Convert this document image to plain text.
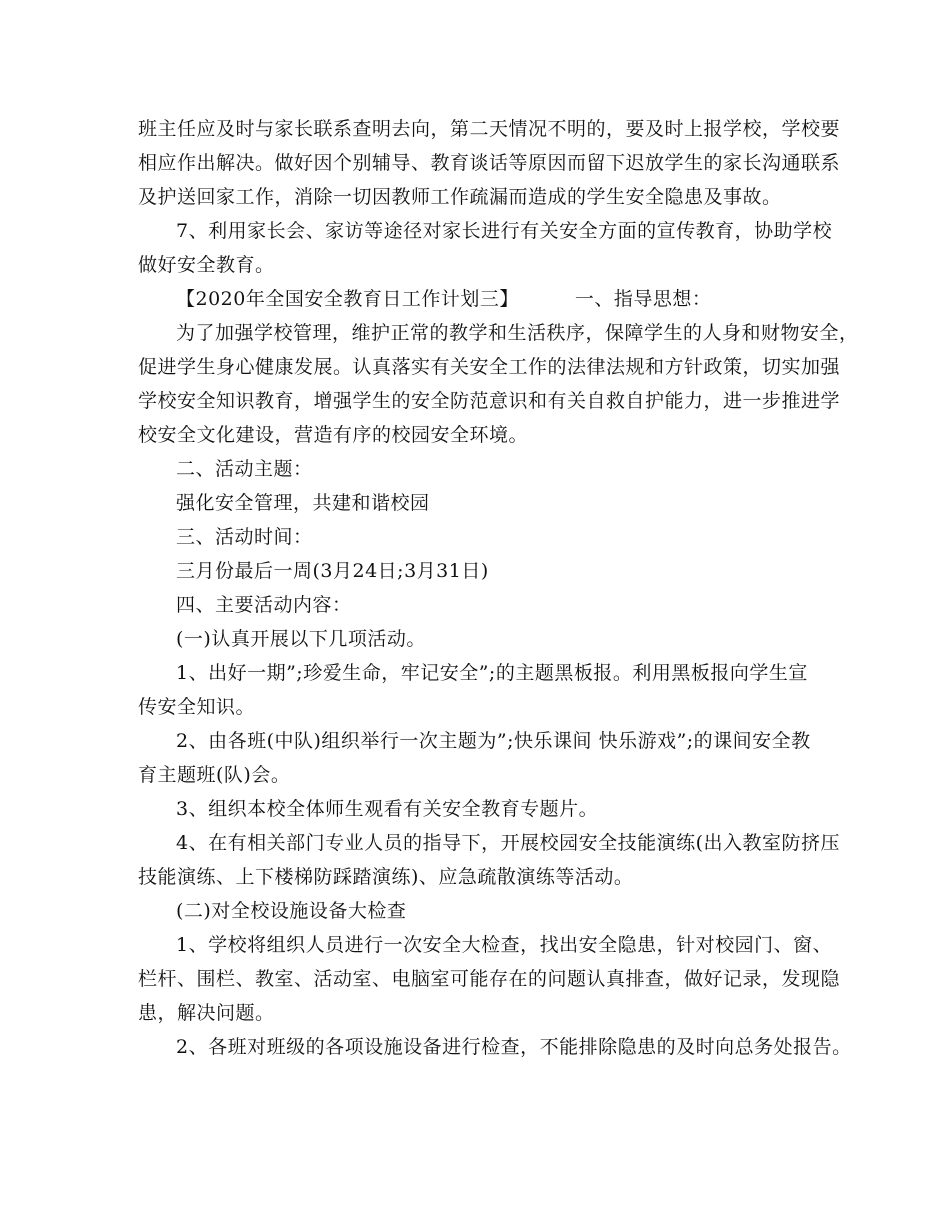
班主任应及时与家长联系查明去向，第二天情况不明的，要及时上报学校，学校要
相应作出解决。做好因个别辅导、教育谈话等原因而留下迟放学生的家长沟通联系
及护送回家工作，消除一切因教师工作疏漏而造成的学生安全隐患及事故。
7、利用家长会、家访等途径对家长进行有关安全方面的宣传教育，协助学校
做好安全教育。
【2020年全国安全教育日工作计划三】	一、指导思想：
为了加强学校管理，维护正常的教学和生活秩序，保障学生的人身和财物安全，
促进学生身心健康发展。认真落实有关安全工作的法律法规和方针政策，切实加强
学校安全知识教育，增强学生的安全防范意识和有关自救自护能力，进一步推进学
校安全文化建设，营造有序的校园安全环境。
二、活动主题：
强化安全管理，共建和谐校园
三、活动时间：
三月份最后一周(3月24日;3月31日)
四、主要活动内容：
(一)认真开展以下几项活动。
1、出好一期”;珍爱生命，牢记安全”;的主题黑板报。利用黑板报向学生宣
传安全知识。
2、由各班(中队)组织举行一次主题为”;快乐课间 快乐游戏”;的课间安全教
育主题班(队)会。
3、组织本校全体师生观看有关安全教育专题片。
4、在有相关部门专业人员的指导下，开展校园安全技能演练(出入教室防挤压
技能演练、上下楼梯防踩踏演练)、应急疏散演练等活动。
(二)对全校设施设备大检查
1、学校将组织人员进行一次安全大检查，找出安全隐患，针对校园门、窗、
栏杆、围栏、教室、活动室、电脑室可能存在的问题认真排查，做好记录，发现隐
患，解决问题。
2、各班对班级的各项设施设备进行检查，不能排除隐患的及时向总务处报告。
